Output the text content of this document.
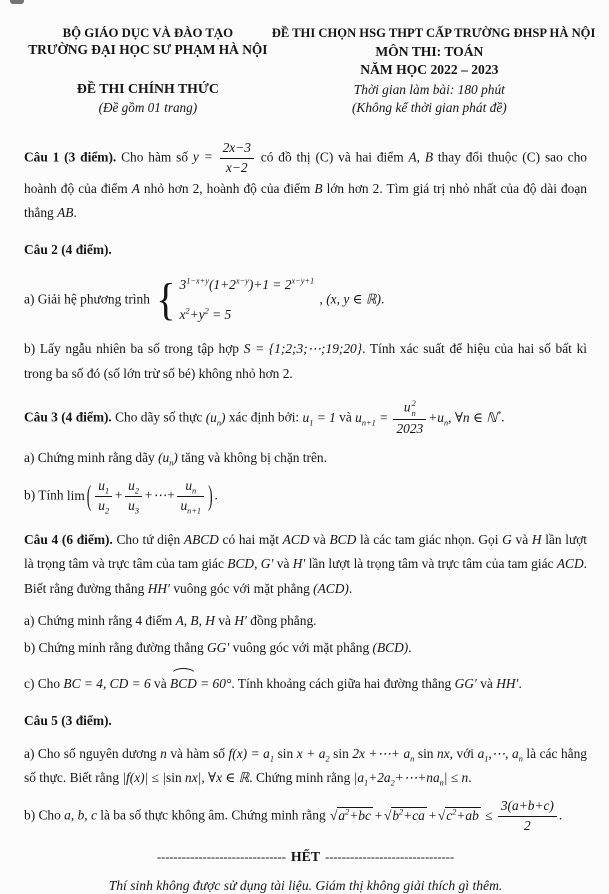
BỘ GIÁO DỤC VÀ ĐÀO TẠO
TRƯỜNG ĐẠI HỌC SƯ PHẠM HÀ NỘI
ĐỀ THI CHÍNH THỨC
(Đề gồm 01 trang)
ĐỀ THI CHỌN HSG THPT CẤP TRƯỜNG ĐHSP HÀ NỘI
MÔN THI: TOÁN
NĂM HỌC 2022 – 2023
Thời gian làm bài: 180 phút
(Không kể thời gian phát đề)

Câu 1 (3 điểm). Cho hàm số $y = \frac{2x-3}{x-2}$ có đồ thị (C) và hai điểm A, B thay đổi thuộc (C) sao cho hoành độ của điểm A nhỏ hơn 2, hoành độ của điểm B lớn hơn 2. Tìm giá trị nhỏ nhất của độ dài đoạn thẳng AB.

Câu 2 (4 điểm).

a) Giải hệ phương trình { $3^{1-x+y}(1+2^{x-y})+1 = 2^{x-y+1}$
$x^2+y^2 = 5$
, (x, y ∈ ℝ).

b) Lấy ngẫu nhiên ba số trong tập hợp S = {1;2;3;⋯;19;20}. Tính xác suất để hiệu của hai số bất kì trong ba số đó (số lớn trừ số bé) không nhỏ hơn 2.

Câu 3 (4 điểm). Cho dãy số thực $(u_n)$ xác định bởi: $u_1 = 1$ và $u_{n+1} = u$ 2
n
$2023 +u_n$, ∀n ∈ ℕ*.

a) Chứng minh rằng dãy $(u_n)$ tăng và không bị chặn trên.

b) Tính lim ( $\frac{u_1}{u_2} + \frac{u_2}{u_3}$ +⋯+ $\frac{u_n}{u_{n+1}}$ ) .

Câu 4 (6 điểm). Cho tứ diện ABCD có hai mặt ACD và BCD là các tam giác nhọn. Gọi G và H lần lượt là trọng tâm và trực tâm của tam giác BCD, G′ và H′ lần lượt là trọng tâm và trực tâm của tam giác ACD. Biết rằng đường thẳng HH′ vuông góc với mặt phẳng (ACD).

a) Chứng minh rằng 4 điểm A, B, H và H′ đồng phẳng.

b) Chứng minh rằng đường thẳng GG′ vuông góc với mặt phẳng (BCD).

c) Cho BC = 4, CD = 6 và BCD = 60°. Tính khoảng cách giữa hai đường thẳng GG′ và HH′.

Câu 5 (3 điểm).

a) Cho số nguyên dương n và hàm số $f(x) = a_1$ $\sin x + a_2$ sin 2x +⋯+ $a_n$ sin nx, với $a_1,\cdots$, $a_n$ là các hằng số thực. Biết rằng |f(x)| ≤ |sin nx|, ∀x ∈ ℝ. Chứng minh rằng $|a_1+2a_2+\cdots+na_n| \le n$.

b) Cho a, b, c là ba số thực không âm. Chứng minh rằng $√a^2+bc +√b^2+ca +√c^2+ab \le \frac{3(a+b+c)}{2}$ .

------------------------------- HẾT -------------------------------
Thí sinh không được sử dụng tài liệu. Giám thị không giải thích gì thêm.
